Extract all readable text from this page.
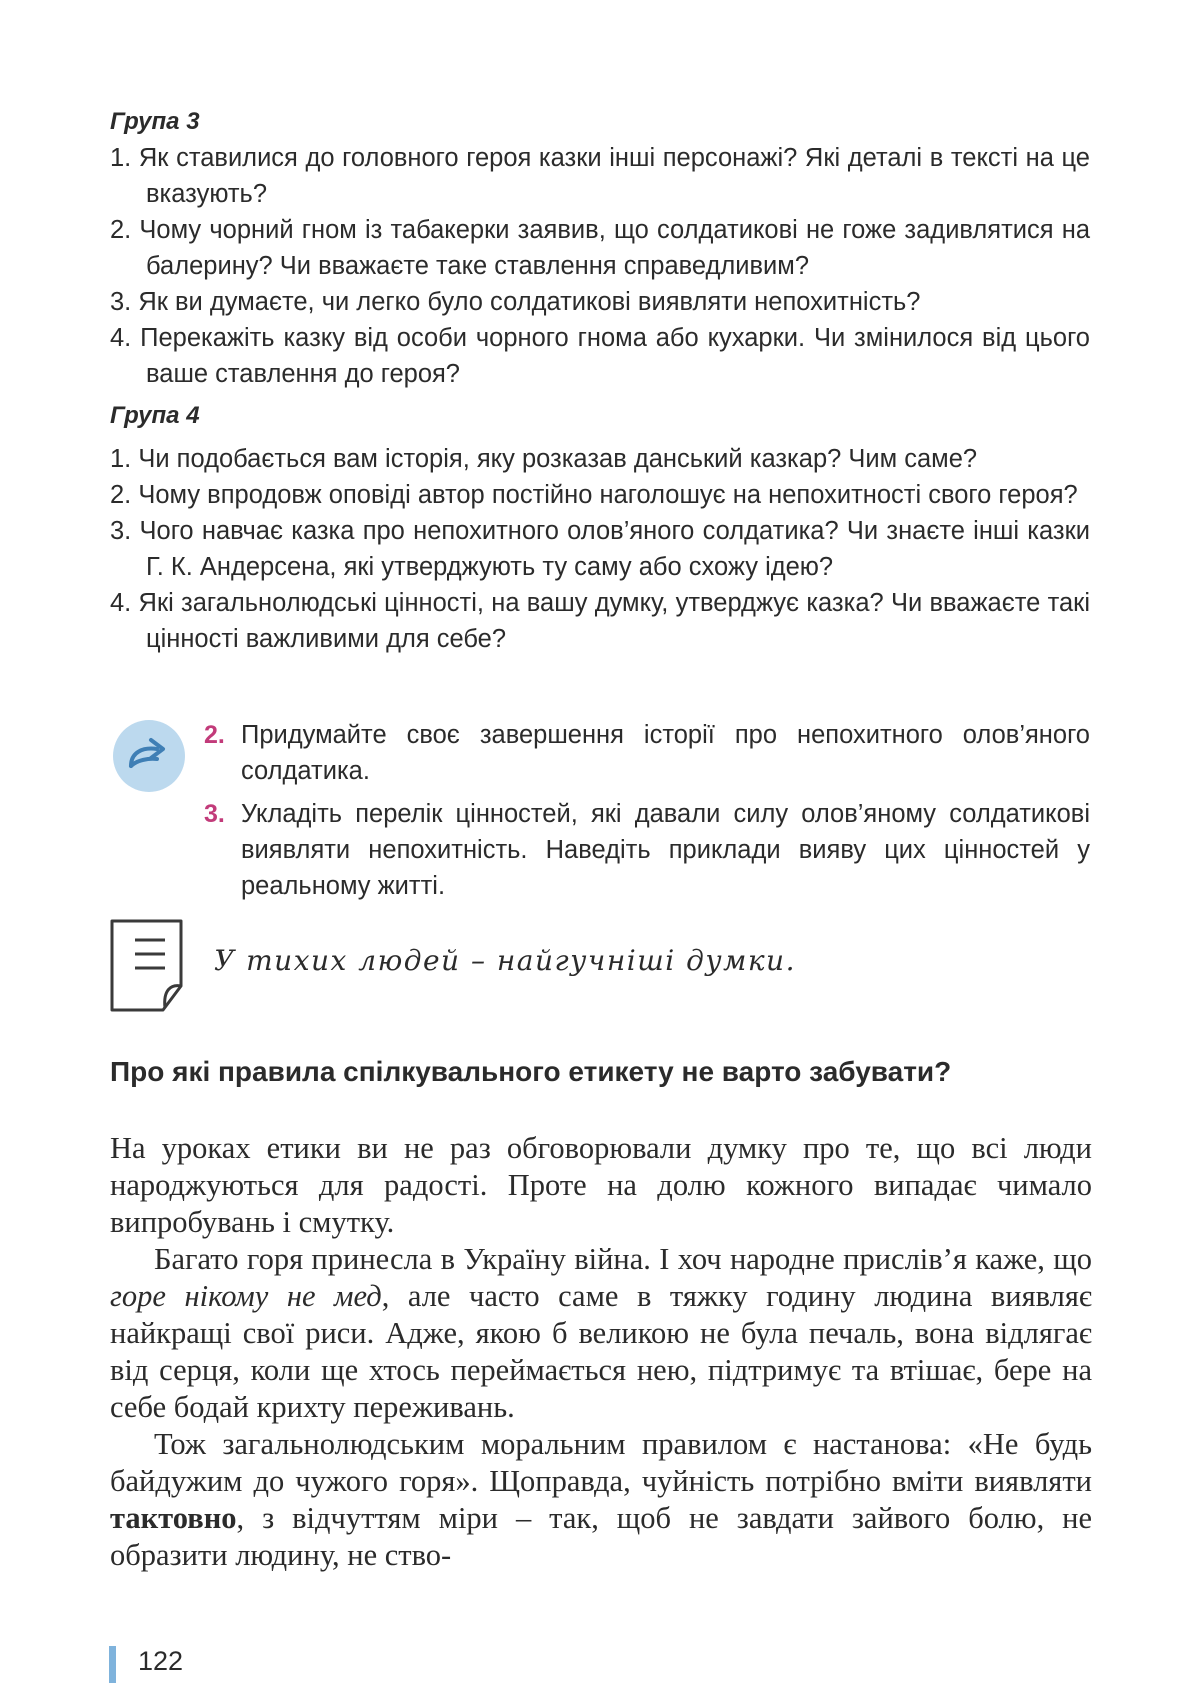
Група 3
1. Як ставилися до головного героя казки інші персонажі? Які деталі в тексті на це вказують?
2. Чому чорний гном із табакерки заявив, що солдатикові не гоже задивлятися на балерину? Чи вважаєте таке ставлення справедливим?
3. Як ви думаєте, чи легко було солдатикові виявляти непохитність?
4. Перекажіть казку від особи чорного гнома або кухарки. Чи змінилося від цього ваше ставлення до героя?
Група 4
1. Чи подобається вам історія, яку розказав данський казкар? Чим саме?
2. Чому впродовж оповіді автор постійно наголошує на непохитності свого героя?
3. Чого навчає казка про непохитного олов’яного солдатика? Чи знаєте інші казки Г. К. Андерсена, які утверджують ту саму або схожу ідею?
4. Які загальнолюдські цінності, на вашу думку, утверджує казка? Чи вважаєте такі цінності важливими для себе?
2. Придумайте своє завершення історії про непохитного олов’яного солдатика.
3. Укладіть перелік цінностей, які давали силу олов’яному солдатикові виявляти непохитність. Наведіть приклади вияву цих цінностей у реальному житті.
У тихих людей – найгучніші думки.
Про які правила спілкувального етикету не варто забувати?

На уроках етики ви не раз обговорювали думку про те, що всі люди народжуються для радості. Проте на долю кожного випадає чимало випробувань і смутку.

Багато горя принесла в Україну війна. І хоч народне прислів’я каже, що горе нікому не мед, але часто саме в тяжку годину людина виявляє найкращі свої риси. Адже, якою б великою не була печаль, вона відлягає від серця, коли ще хтось переймається нею, підтримує та втішає, бере на себе бодай крихту переживань.

Тож загальнолюдським моральним правилом є настанова: «Не будь байдужим до чужого горя». Щоправда, чуйність потрібно вміти виявляти тактовно, з відчуттям міри – так, щоб не завдати зайвого болю, не образити людину, не ство-

122
